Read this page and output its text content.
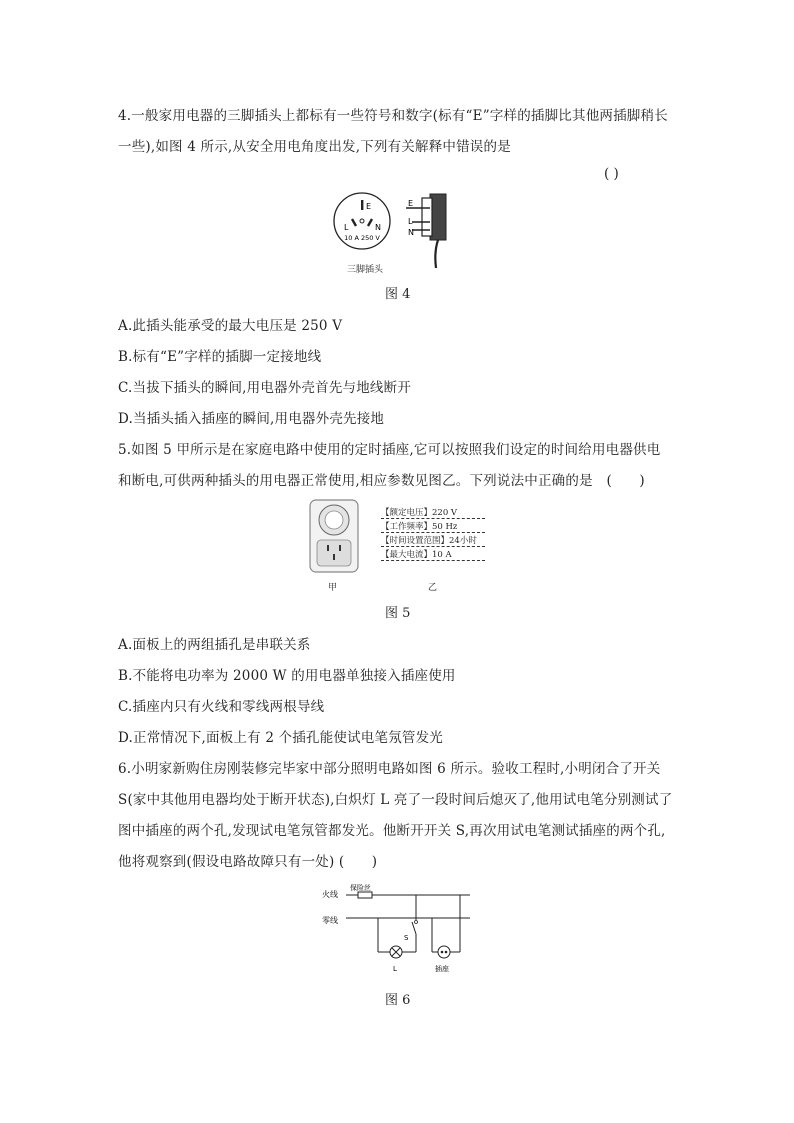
4.一般家用电器的三脚插头上都标有一些符号和数字(标有“E”字样的插脚比其他两插脚稍长
一些),如图 4 所示,从安全用电角度出发,下列有关解释中错误的是
( )
E
L	N
10 A 250 V
E
L
N
三脚插头
图 4
A.此插头能承受的最大电压是 250 V
B.标有“E”字样的插脚一定接地线
C.当拔下插头的瞬间,用电器外壳首先与地线断开
D.当插头插入插座的瞬间,用电器外壳先接地
5.如图 5 甲所示是在家庭电路中使用的定时插座,它可以按照我们设定的时间给用电器供电
和断电,可供两种插头的用电器正常使用,相应参数见图乙。下列说法中正确的是　(　　)
甲	乙
【额定电压】220 V
【工作频率】50 Hz
【时间设置范围】24小时
【最大电流】10 A
图 5
A.面板上的两组插孔是串联关系
B.不能将电功率为 2000 W 的用电器单独接入插座使用
C.插座内只有火线和零线两根导线
D.正常情况下,面板上有 2 个插孔能使试电笔氖管发光
6.小明家新购住房刚装修完毕家中部分照明电路如图 6 所示。验收工程时,小明闭合了开关
S(家中其他用电器均处于断开状态),白炽灯 L 亮了一段时间后熄灭了,他用试电笔分别测试了
图中插座的两个孔,发现试电笔氖管都发光。他断开开关 S,再次用试电笔测试插座的两个孔,
他将观察到(假设电路故障只有一处) (　　)
火线
零线
保险丝
S
L	插座
图 6
